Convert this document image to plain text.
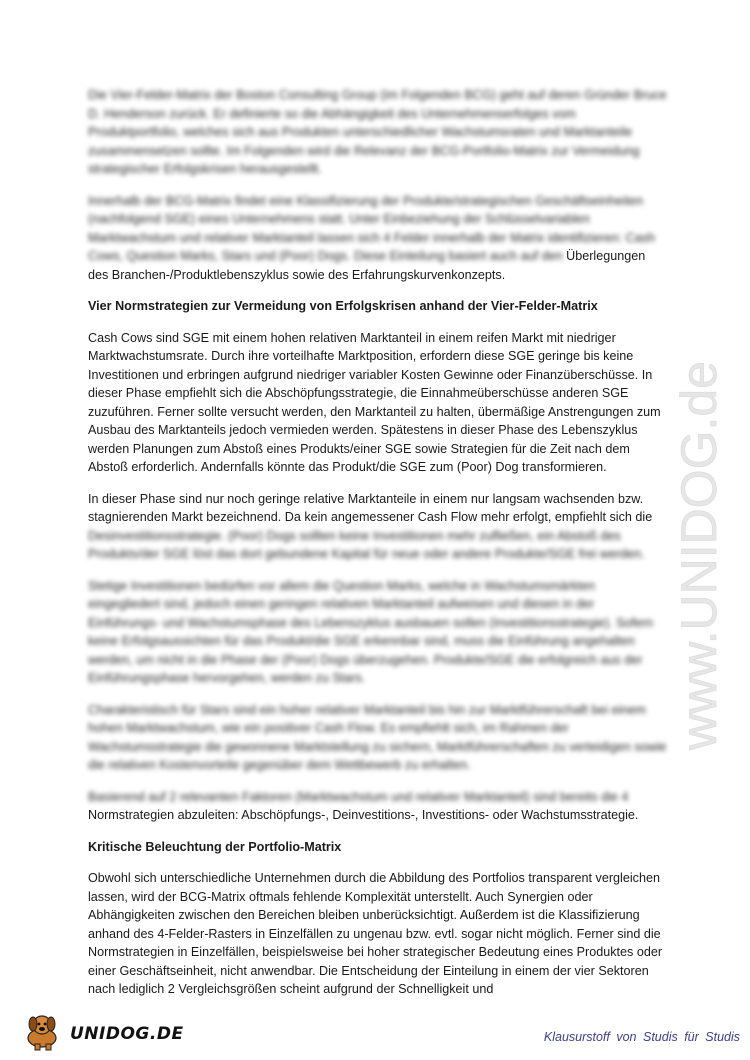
Die Vier-Felder-Matrix der Boston Consulting Group (im Folgenden BCG) geht auf deren Gründer Bruce D. Henderson zurück. Er definierte so die Abhängigkeit des Unternehmenserfolges vom Produktportfolio, welches sich aus Produkten unterschiedlicher Wachstumsraten und Marktanteile zusammensetzen sollte. Im Folgenden wird die Relevanz der BCG-Portfolio-Matrix zur Vermeidung strategischer Erfolgskrisen herausgestellt.

Innerhalb der BCG-Matrix findet eine Klassifizierung der Produkte/strategischen Geschäftseinheiten (nachfolgend SGE) eines Unternehmens statt. Unter Einbeziehung der Schlüsselvariablen Marktwachstum und relativer Marktanteil lassen sich 4 Felder innerhalb der Matrix identifizieren: Cash Cows, Question Marks, Stars und (Poor) Dogs. Diese Einteilung basiert auch auf den Überlegungen des Branchen-/Produktlebenszyklus sowie des Erfahrungskurvenkonzepts.

Vier Normstrategien zur Vermeidung von Erfolgskrisen anhand der Vier-Felder-Matrix

Cash Cows sind SGE mit einem hohen relativen Marktanteil in einem reifen Markt mit niedriger Marktwachstumsrate. Durch ihre vorteilhafte Marktposition, erfordern diese SGE geringe bis keine Investitionen und erbringen aufgrund niedriger variabler Kosten Gewinne oder Finanzüberschüsse. In dieser Phase empfiehlt sich die Abschöpfungsstrategie, die Einnahmeüberschüsse anderen SGE zuzuführen. Ferner sollte versucht werden, den Marktanteil zu halten, übermäßige Anstrengungen zum Ausbau des Marktanteils jedoch vermieden werden. Spätestens in dieser Phase des Lebenszyklus werden Planungen zum Abstoß eines Produkts/einer SGE sowie Strategien für die Zeit nach dem Abstoß erforderlich. Andernfalls könnte das Produkt/die SGE zum (Poor) Dog transformieren.

In dieser Phase sind nur noch geringe relative Marktanteile in einem nur langsam wachsenden bzw. stagnierenden Markt bezeichnend. Da kein angemessener Cash Flow mehr erfolgt, empfiehlt sich die Desinvestitionsstrategie. (Poor) Dogs sollten keine Investitionen mehr zufließen, ein Abstoß des Produkts/der SGE löst das dort gebundene Kapital für neue oder andere Produkte/SGE frei werden.

Stetige Investitionen bedürfen vor allem die Question Marks, welche in Wachstumsmärkten eingegliedert sind, jedoch einen geringen relativen Marktanteil aufweisen und diesen in der Einführungs- und Wachstumsphase des Lebenszyklus ausbauen sollen (Investitionsstrategie). Sofern keine Erfolgsaussichten für das Produkt/die SGE erkennbar sind, muss die Einführung angehalten werden, um nicht in die Phase der (Poor) Dogs überzugehen. Produkte/SGE die erfolgreich aus der Einführungsphase hervorgehen, werden zu Stars.

Charakteristisch für Stars sind ein hoher relativer Marktanteil bis hin zur Marktführerschaft bei einem hohen Marktwachstum, wie ein positiver Cash Flow. Es empfiehlt sich, im Rahmen der Wachstumsstrategie die gewonnene Marktstellung zu sichern, Marktführerschaften zu verteidigen sowie die relativen Kostenvorteile gegenüber dem Wettbewerb zu erhalten.

Basierend auf 2 relevanten Faktoren (Marktwachstum und relativer Marktanteil) sind bereits die 4 Normstrategien abzuleiten: Abschöpfungs-, Deinvestitions-, Investitions- oder Wachstumsstrategie.

Kritische Beleuchtung der Portfolio-Matrix

Obwohl sich unterschiedliche Unternehmen durch die Abbildung des Portfolios transparent vergleichen lassen, wird der BCG-Matrix oftmals fehlende Komplexität unterstellt. Auch Synergien oder Abhängigkeiten zwischen den Bereichen bleiben unberücksichtigt. Außerdem ist die Klassifizierung anhand des 4-Felder-Rasters in Einzelfällen zu ungenau bzw. evtl. sogar nicht möglich. Ferner sind die Normstrategien in Einzelfällen, beispielsweise bei hoher strategischer Bedeutung eines Produktes oder einer Geschäftseinheit, nicht anwendbar. Die Entscheidung der Einteilung in einem der vier Sektoren nach lediglich 2 Vergleichsgrößen scheint aufgrund der Schnelligkeit und

www.UNIDOG.de
UNIDOG.DE	Klausurstoff von Studis für Studis
